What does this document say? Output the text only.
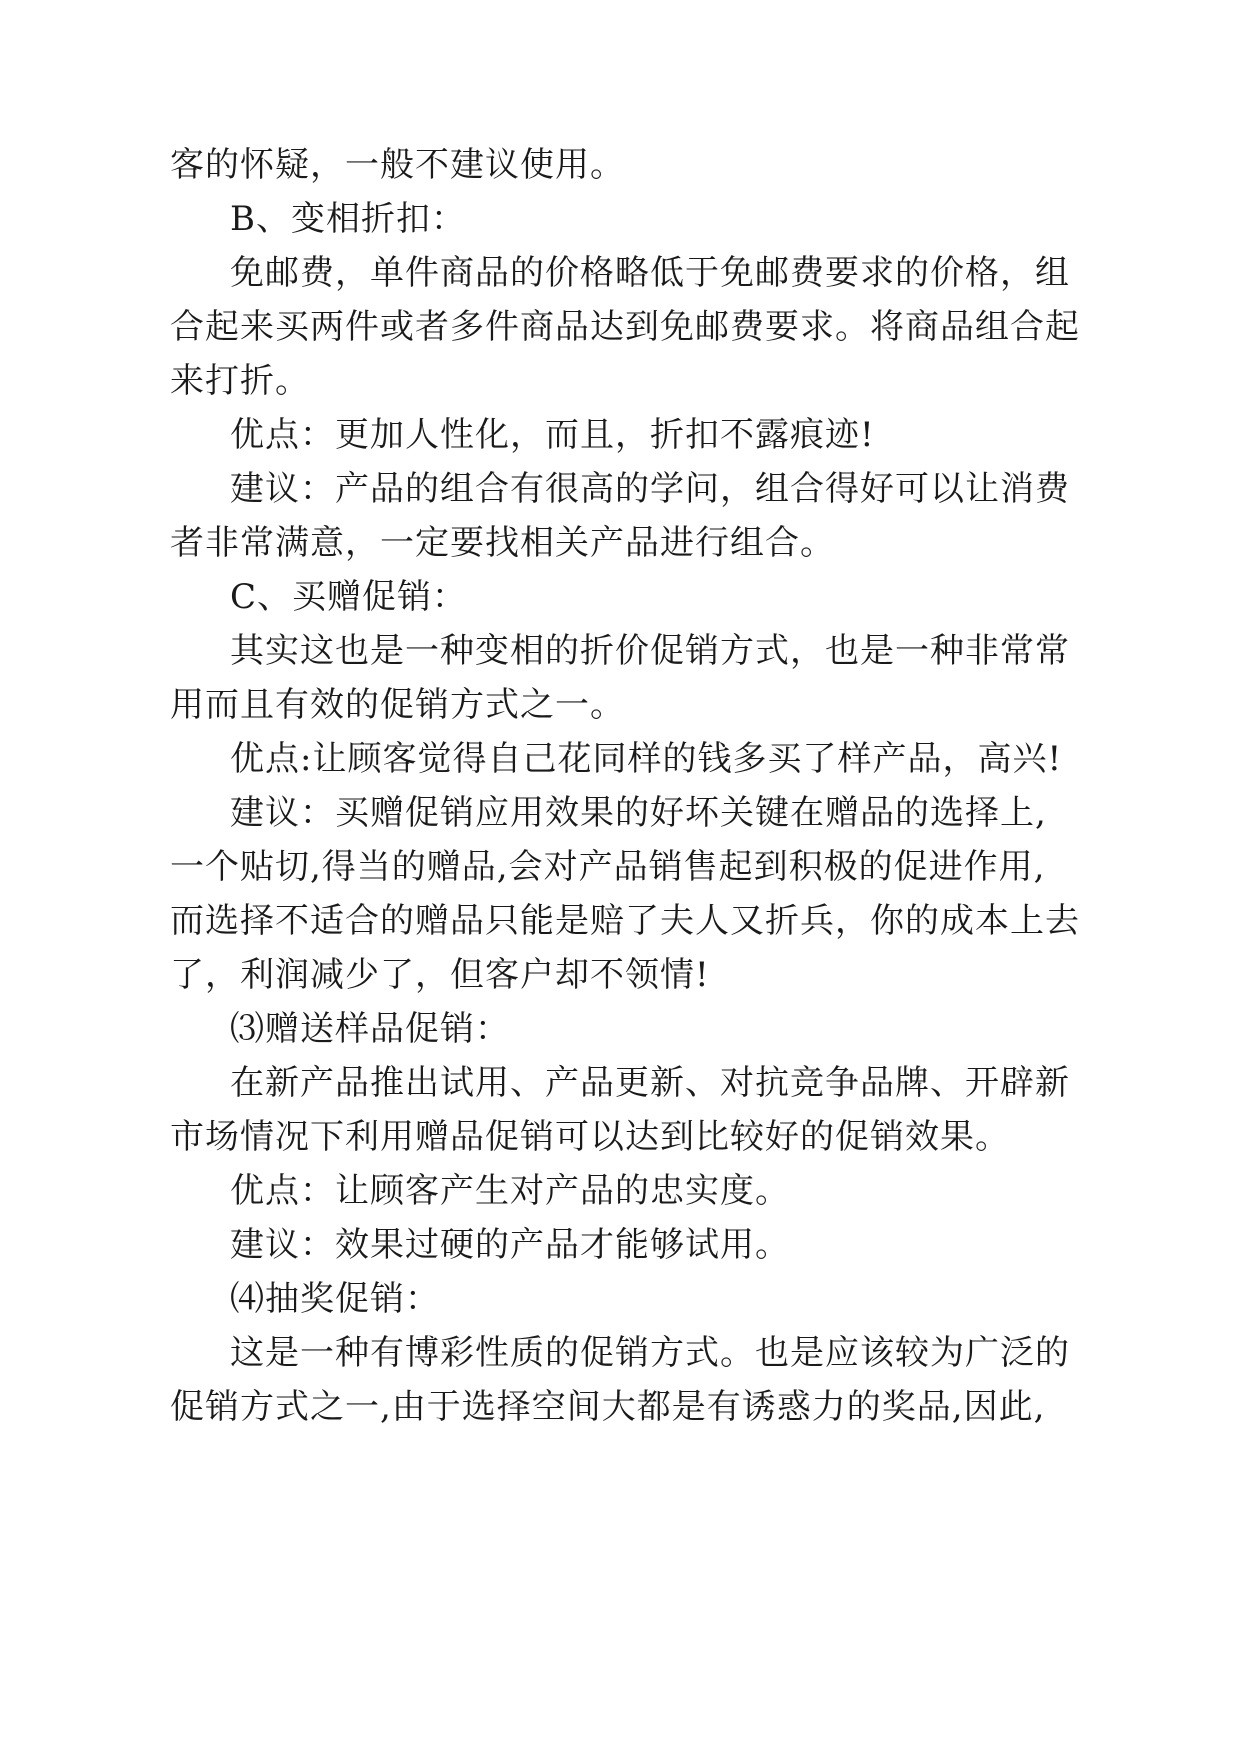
客的怀疑，一般不建议使用。
B、变相折扣：
免邮费，单件商品的价格略低于免邮费要求的价格，组
合起来买两件或者多件商品达到免邮费要求。将商品组合起
来打折。
优点：更加人性化，而且，折扣不露痕迹!
建议：产品的组合有很高的学问，组合得好可以让消费
者非常满意，一定要找相关产品进行组合。
C、买赠促销：
其实这也是一种变相的折价促销方式，也是一种非常常
用而且有效的促销方式之一。
优点:让顾客觉得自己花同样的钱多买了样产品，高兴!
建议：买赠促销应用效果的好坏关键在赠品的选择上,
一个贴切,得当的赠品,会对产品销售起到积极的促进作用,
而选择不适合的赠品只能是赔了夫人又折兵，你的成本上去
了，利润减少了，但客户却不领情!
⑶赠送样品促销：
在新产品推出试用、产品更新、对抗竞争品牌、开辟新
市场情况下利用赠品促销可以达到比较好的促销效果。
优点：让顾客产生对产品的忠实度。
建议：效果过硬的产品才能够试用。
⑷抽奖促销：
这是一种有博彩性质的促销方式。也是应该较为广泛的
促销方式之一,由于选择空间大都是有诱惑力的奖品,因此,
